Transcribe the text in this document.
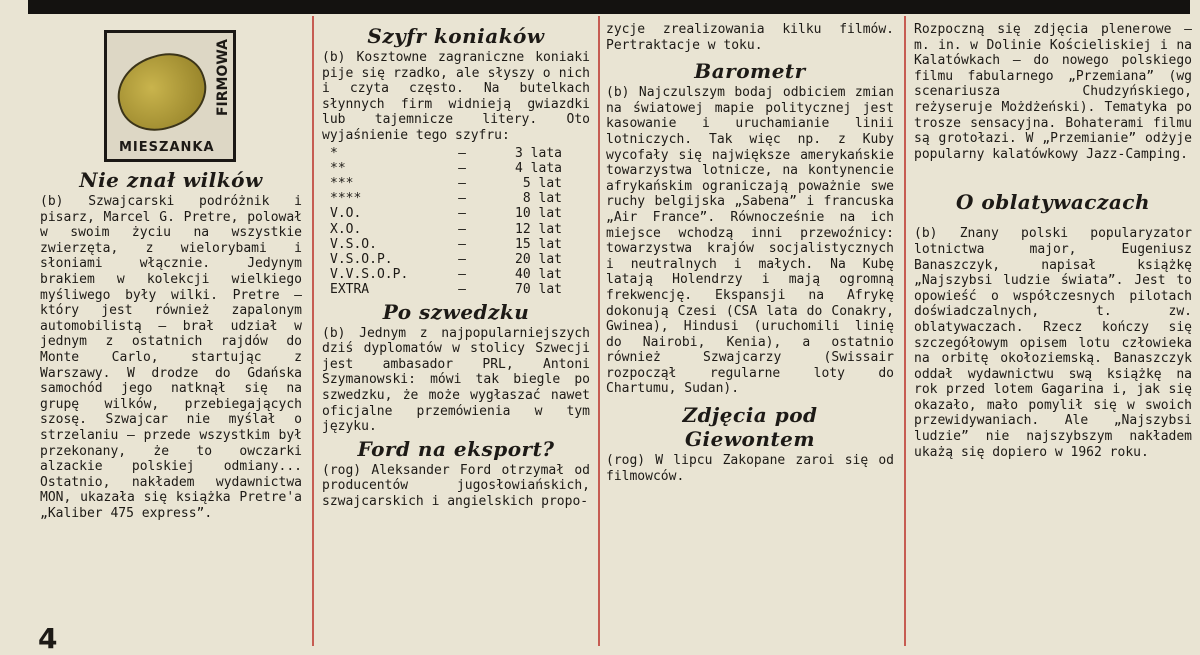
FIRMOWA
MIESZANKA
Nie znał wilków

(b) Szwajcarski podróżnik i pisarz, Marcel G. Pretre, polował w swoim życiu na wszystkie zwierzęta, z wielorybami i słoniami włącznie. Jedynym brakiem w kolekcji wielkiego myśliwego były wilki. Pretre — który jest również zapalonym automobilistą — brał udział w jednym z ostatnich rajdów do Monte Carlo, startując z Warszawy. W drodze do Gdańska samochód jego natknął się na grupę wilków, przebiegających szosę. Szwajcar nie myślał o strzelaniu — przede wszystkim był przekonany, że to owczarki alzackie polskiej odmiany... Ostatnio, nakładem wydawnictwa MON, ukazała się książka Pretre'a „Kaliber 475 express”.

Szyfr koniaków

(b) Kosztowne zagraniczne koniaki pije się rzadko, ale słyszy o nich i czyta często. Na butelkach słynnych firm widnieją gwiazdki lub tajemnicze litery. Oto wyjaśnienie tego szyfru:

*	—	3 lata
**	—	4 lata
***	—	5 lat
****	—	8 lat
V.O.	—	10 lat
X.O.	—	12 lat
V.S.O.	—	15 lat
V.S.O.P.	—	20 lat
V.V.S.O.P.	—	40 lat
EXTRA	—	70 lat
Po szwedzku

(b) Jednym z najpopularniejszych dziś dyplomatów w stolicy Szwecji jest ambasador PRL, Antoni Szymanowski: mówi tak biegle po szwedzku, że może wygłaszać nawet oficjalne przemówienia w tym języku.

Ford na eksport?

(rog) Aleksander Ford otrzymał od producentów jugosłowiańskich, szwajcarskich i angielskich propo-

zycje zrealizowania kilku filmów. Pertraktacje w toku.

Barometr

(b) Najczulszym bodaj odbiciem zmian na światowej mapie politycznej jest kasowanie i uruchamianie linii lotniczych. Tak więc np. z Kuby wycofały się największe amerykańskie towarzystwa lotnicze, na kontynencie afrykańskim ograniczają poważnie swe ruchy belgijska „Sabena” i francuska „Air France”. Równocześnie na ich miejsce wchodzą inni przewoźnicy: towarzystwa krajów socjalistycznych i neutralnych i małych. Na Kubę latają Holendrzy i mają ogromną frekwencję. Ekspansji na Afrykę dokonują Czesi (CSA lata do Conakry, Gwinea), Hindusi (uruchomili linię do Nairobi, Kenia), a ostatnio również Szwajcarzy (Swissair rozpoczął regularne loty do Chartumu, Sudan).

Zdjęcia pod
Giewontem

(rog) W lipcu Zakopane zaroi się od filmowców.

Rozpoczną się zdjęcia plenerowe — m. in. w Dolinie Kościeliskiej i na Kalatówkach — do nowego polskiego filmu fabularnego „Przemiana” (wg scenariusza Chudzyńskiego, reżyseruje Możdżeński). Tematyka po trosze sensacyjna. Bohaterami filmu są grotołazi. W „Przemianie” odżyje popularny kalatówkowy Jazz-Camping.

O oblatywaczach

(b) Znany polski popularyzator lotnictwa major, Eugeniusz Banaszczyk, napisał książkę „Najszybsi ludzie świata”. Jest to opowieść o współczesnych pilotach doświadczalnych, t. zw. oblatywaczach. Rzecz kończy się szczegółowym opisem lotu człowieka na orbitę okołoziemską. Banaszczyk oddał wydawnictwu swą książkę na rok przed lotem Gagarina i, jak się okazało, mało pomylił się w swoich przewidywaniach. Ale „Najszybsi ludzie” nie najszybszym nakładem ukażą się dopiero w 1962 roku.

4
